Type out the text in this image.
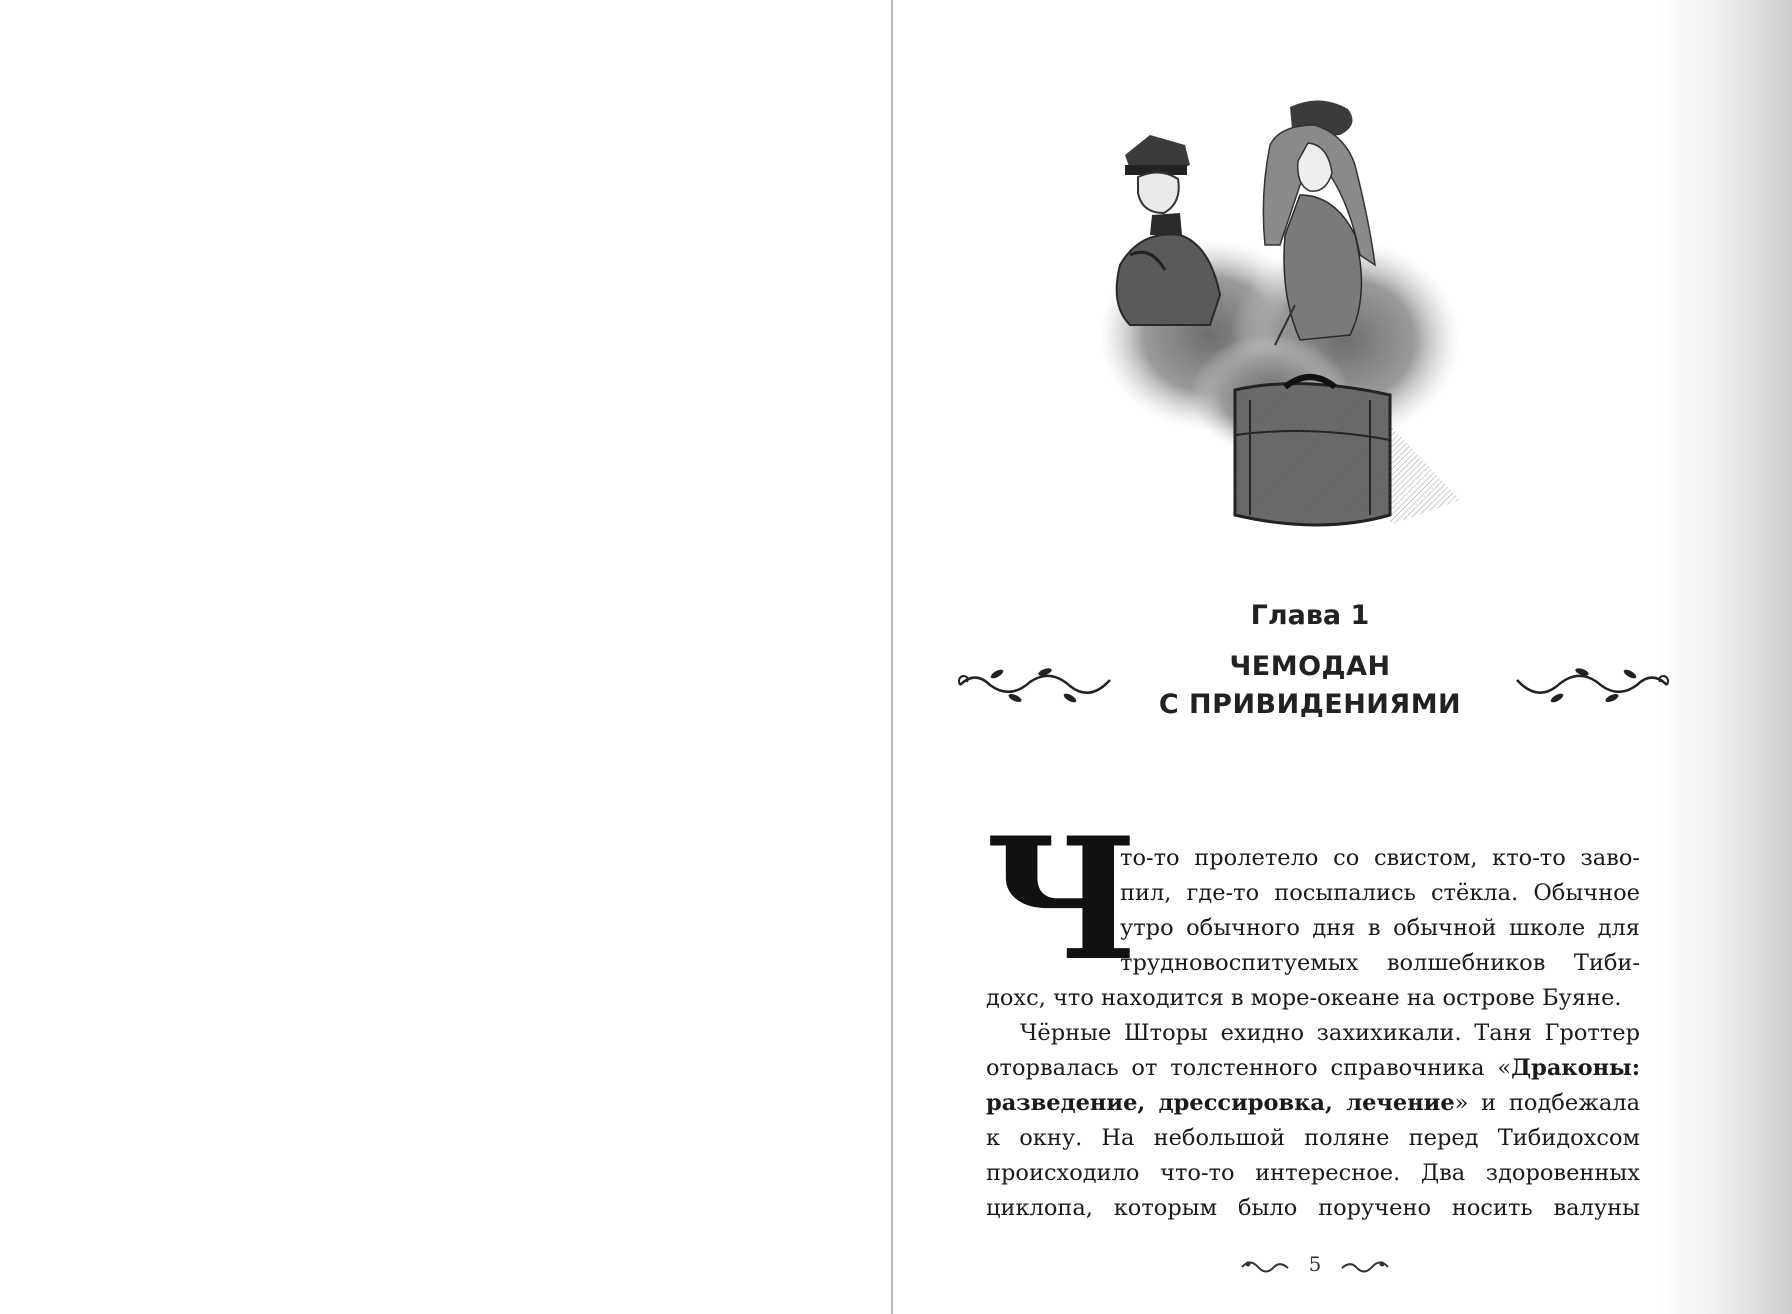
Глава 1
ЧЕМОДАН
С ПРИВИДЕНИЯМИ
Ч
то-то пролетело со свистом, кто-то заво-
пил, где-то посыпались стёкла. Обычное
утро обычного дня в обычной школе для
трудновоспитуемых волшебников Тиби-
дохс, что находится в море-океане на острове Буяне.
Чёрные Шторы ехидно захихикали. Таня Гроттер
оторвалась от толстенного справочника «Драконы:
разведение, дрессировка, лечение» и подбежала
к окну. На небольшой поляне перед Тибидохсом
происходило что-то интересное. Два здоровенных
циклопа, которым было поручено носить валуны
5
